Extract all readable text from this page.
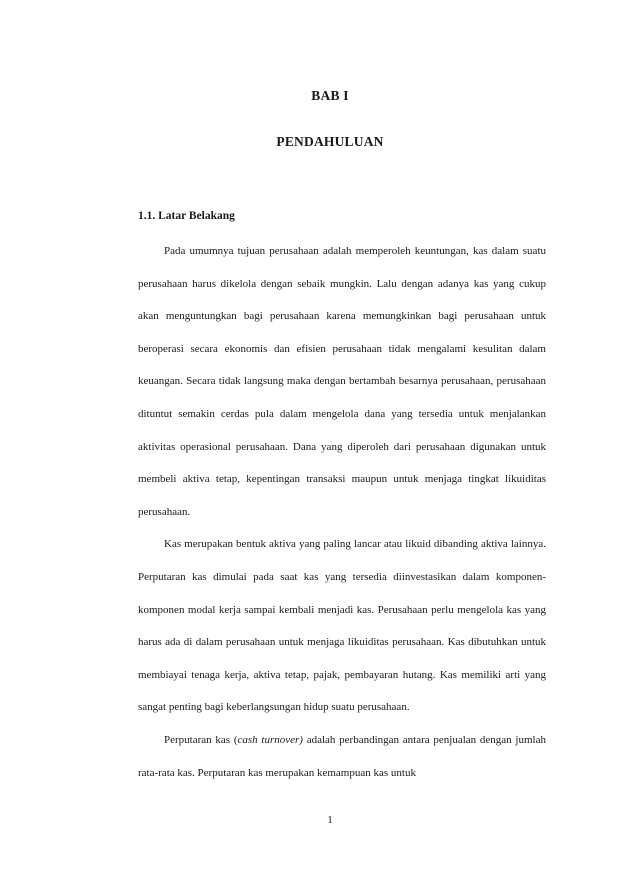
BAB I
PENDAHULUAN
1.1. Latar Belakang

Pada umumnya tujuan perusahaan adalah memperoleh keuntungan, kas dalam suatu perusahaan harus dikelola dengan sebaik mungkin. Lalu dengan adanya kas yang cukup akan menguntungkan bagi perusahaan karena memungkinkan bagi perusahaan untuk beroperasi secara ekonomis dan efisien perusahaan tidak mengalami kesulitan dalam keuangan. Secara tidak langsung maka dengan bertambah besarnya perusahaan, perusahaan dituntut semakin cerdas pula dalam mengelola dana yang tersedia untuk menjalankan aktivitas operasional perusahaan. Dana yang diperoleh dari perusahaan digunakan untuk membeli aktiva tetap, kepentingan transaksi maupun untuk menjaga tingkat likuiditas perusahaan.

Kas merupakan bentuk aktiva yang paling lancar atau likuid dibanding aktiva lainnya. Perputaran kas dimulai pada saat kas yang tersedia diinvestasikan dalam komponen-komponen modal kerja sampai kembali menjadi kas. Perusahaan perlu mengelola kas yang harus ada di dalam perusahaan untuk menjaga likuiditas perusahaan. Kas dibutuhkan untuk membiayai tenaga kerja, aktiva tetap, pajak, pembayaran hutang. Kas memiliki arti yang sangat penting bagi keberlangsungan hidup suatu perusahaan.

Perputaran kas (cash turnover) adalah perbandingan antara penjualan dengan jumlah rata-rata kas. Perputaran kas merupakan kemampuan kas untuk

1
